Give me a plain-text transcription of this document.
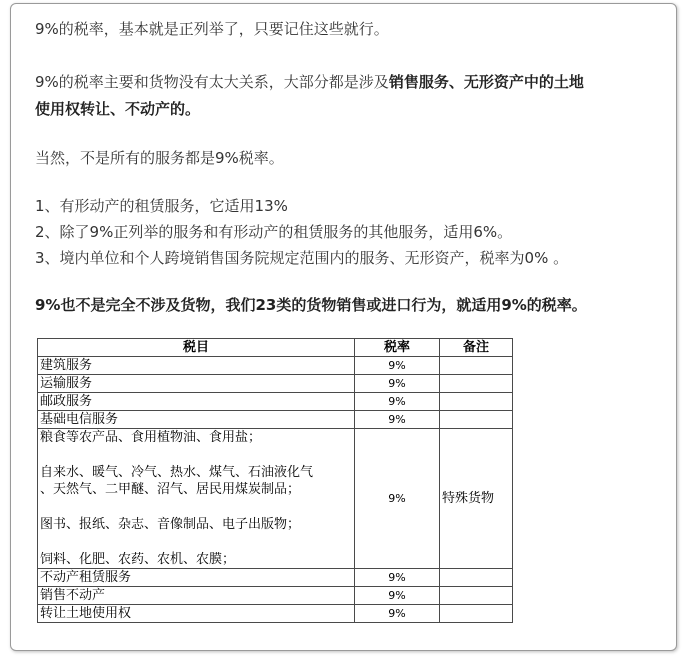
9%的税率，基本就是正列举了，只要记住这些就行。
9%的税率主要和货物没有太大关系，大部分都是涉及销售服务、无形资产中的土地
使用权转让、不动产的。
当然，不是所有的服务都是9%税率。
1、有形动产的租赁服务，它适用13%
2、除了9%正列举的服务和有形动产的租赁服务的其他服务，适用6%。
3、境内单位和个人跨境销售国务院规定范围内的服务、无形资产，税率为0% 。
9%也不是完全不涉及货物，我们23类的货物销售或进口行为，就适用9%的税率。
税目	税率	备注
建筑服务	9%	
运输服务	9%	
邮政服务	9%	
基础电信服务	9%	

粮食等农产品、食用植物油、食用盐；
自来水、暖气、冷气、热水、煤气、石油液化气
、天然气、二甲醚、沼气、居民用煤炭制品；
图书、报纸、杂志、音像制品、电子出版物；
饲料、化肥、农药、农机、农膜；	9%	特殊货物
不动产租赁服务	9%	
销售不动产	9%	
转让土地使用权	9%	
